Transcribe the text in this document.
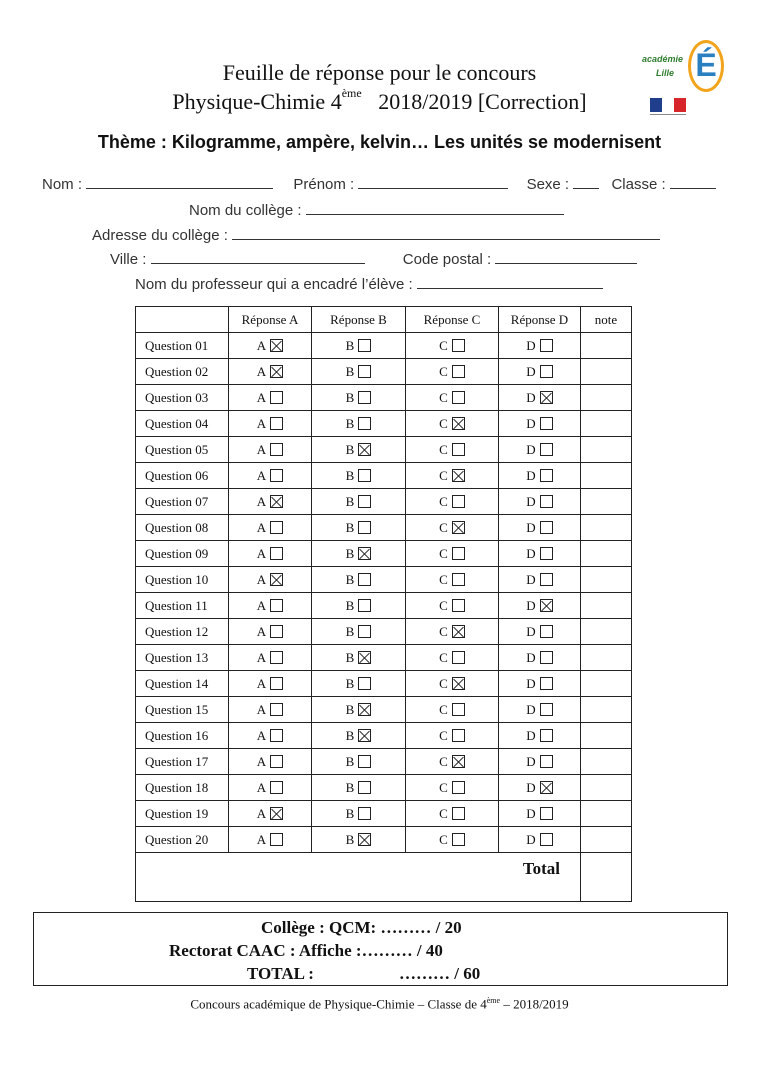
Feuille de réponse pour le concours
Physique-Chimie 4ème 2018/2019 [Correction]
académie
Lille É
Thème : Kilogramme, ampère, kelvin… Les unités se modernisent
Nom :	Prénom :	Sexe :	Classe :
Nom du collège :
Adresse du collège :
Ville :	Code postal :
Nom du professeur qui a encadré l’élève :
	Réponse A	Réponse B	Réponse C	Réponse D	note
Question 01	A	B	C	D	
Question 02	A	B	C	D	
Question 03	A	B	C	D	
Question 04	A	B	C	D	
Question 05	A	B	C	D	
Question 06	A	B	C	D	
Question 07	A	B	C	D	
Question 08	A	B	C	D	
Question 09	A	B	C	D	
Question 10	A	B	C	D	
Question 11	A	B	C	D	
Question 12	A	B	C	D	
Question 13	A	B	C	D	
Question 14	A	B	C	D	
Question 15	A	B	C	D	
Question 16	A	B	C	D	
Question 17	A	B	C	D	
Question 18	A	B	C	D	
Question 19	A	B	C	D	
Question 20	A	B	C	D	
Total					
Collège : QCM: ……… / 20
Rectorat CAAC : Affiche :……… / 40
TOTAL :	……… / 60
Concours académique de Physique-Chimie – Classe de 4ème – 2018/2019
